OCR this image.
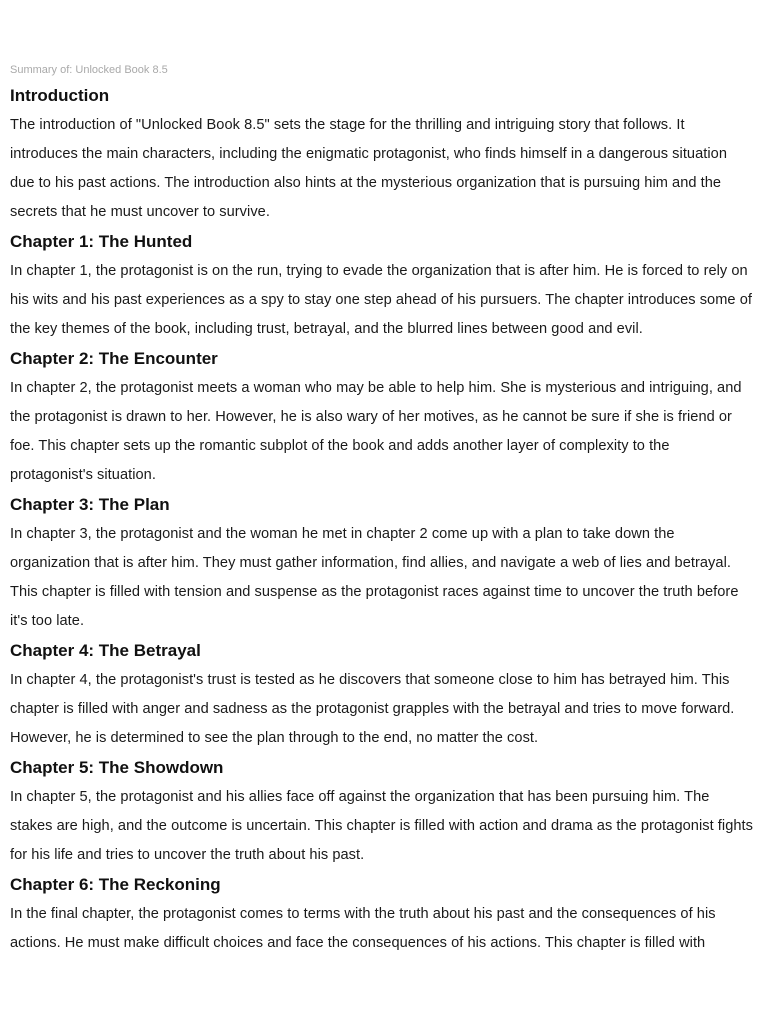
Summary of: Unlocked Book 8.5
Introduction

The introduction of "Unlocked Book 8.5" sets the stage for the thrilling and intriguing story that follows. It introduces the main characters, including the enigmatic protagonist, who finds himself in a dangerous situation due to his past actions. The introduction also hints at the mysterious organization that is pursuing him and the secrets that he must uncover to survive.

Chapter 1: The Hunted

In chapter 1, the protagonist is on the run, trying to evade the organization that is after him. He is forced to rely on his wits and his past experiences as a spy to stay one step ahead of his pursuers. The chapter introduces some of the key themes of the book, including trust, betrayal, and the blurred lines between good and evil.

Chapter 2: The Encounter

In chapter 2, the protagonist meets a woman who may be able to help him. She is mysterious and intriguing, and the protagonist is drawn to her. However, he is also wary of her motives, as he cannot be sure if she is friend or foe. This chapter sets up the romantic subplot of the book and adds another layer of complexity to the protagonist's situation.

Chapter 3: The Plan

In chapter 3, the protagonist and the woman he met in chapter 2 come up with a plan to take down the organization that is after him. They must gather information, find allies, and navigate a web of lies and betrayal. This chapter is filled with tension and suspense as the protagonist races against time to uncover the truth before it's too late.

Chapter 4: The Betrayal

In chapter 4, the protagonist's trust is tested as he discovers that someone close to him has betrayed him. This chapter is filled with anger and sadness as the protagonist grapples with the betrayal and tries to move forward. However, he is determined to see the plan through to the end, no matter the cost.

Chapter 5: The Showdown

In chapter 5, the protagonist and his allies face off against the organization that has been pursuing him. The stakes are high, and the outcome is uncertain. This chapter is filled with action and drama as the protagonist fights for his life and tries to uncover the truth about his past.

Chapter 6: The Reckoning

In the final chapter, the protagonist comes to terms with the truth about his past and the consequences of his actions. He must make difficult choices and face the consequences of his actions. This chapter is filled with
